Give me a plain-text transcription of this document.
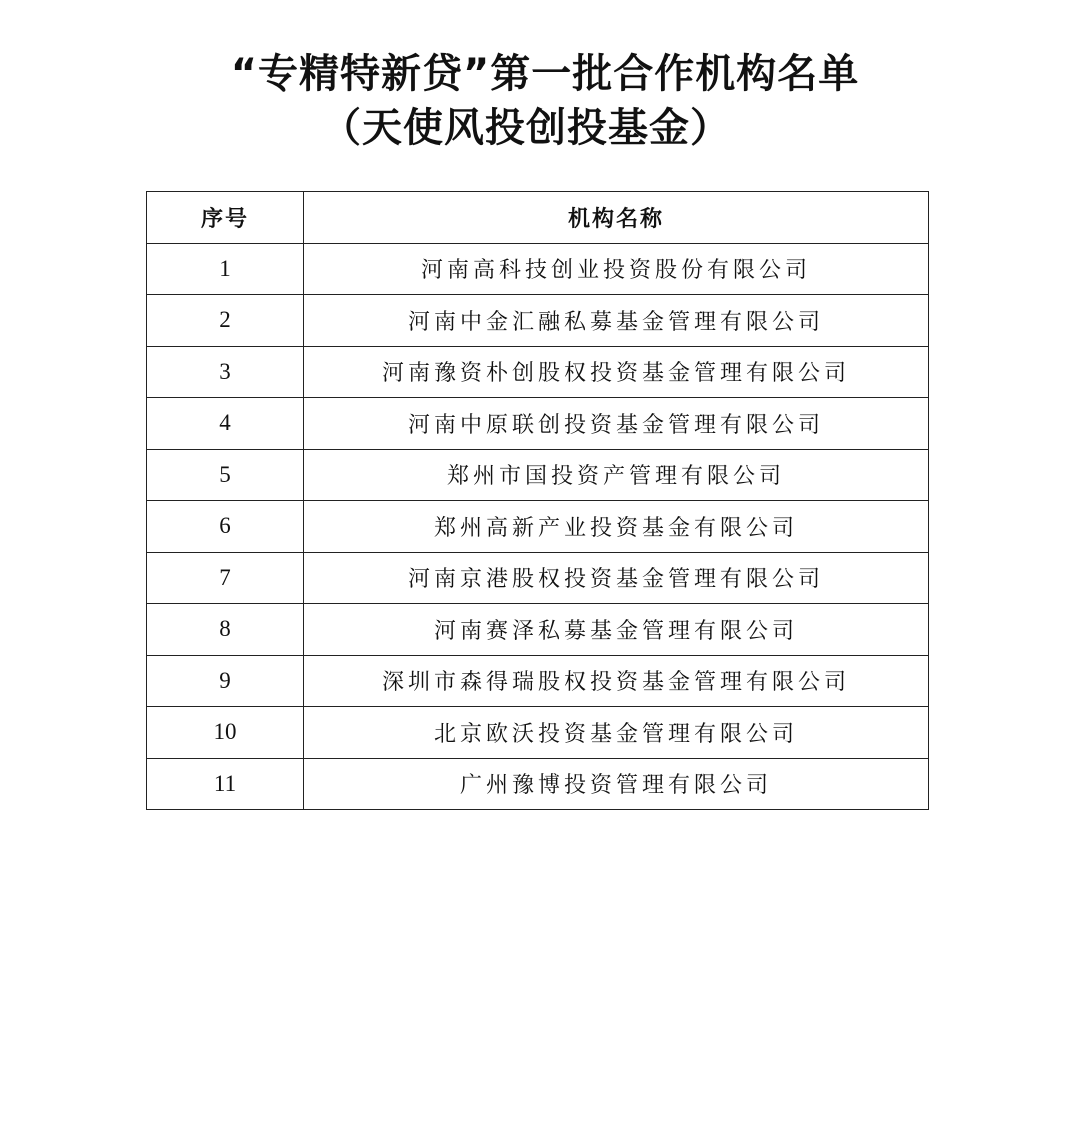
“专精特新贷”第一批合作机构名单
（天使风投创投基金）
序号	机构名称
1	河南高科技创业投资股份有限公司
2	河南中金汇融私募基金管理有限公司
3	河南豫资朴创股权投资基金管理有限公司
4	河南中原联创投资基金管理有限公司
5	郑州市国投资产管理有限公司
6	郑州高新产业投资基金有限公司
7	河南京港股权投资基金管理有限公司
8	河南赛泽私募基金管理有限公司
9	深圳市森得瑞股权投资基金管理有限公司
10	北京欧沃投资基金管理有限公司
11	广州豫博投资管理有限公司
